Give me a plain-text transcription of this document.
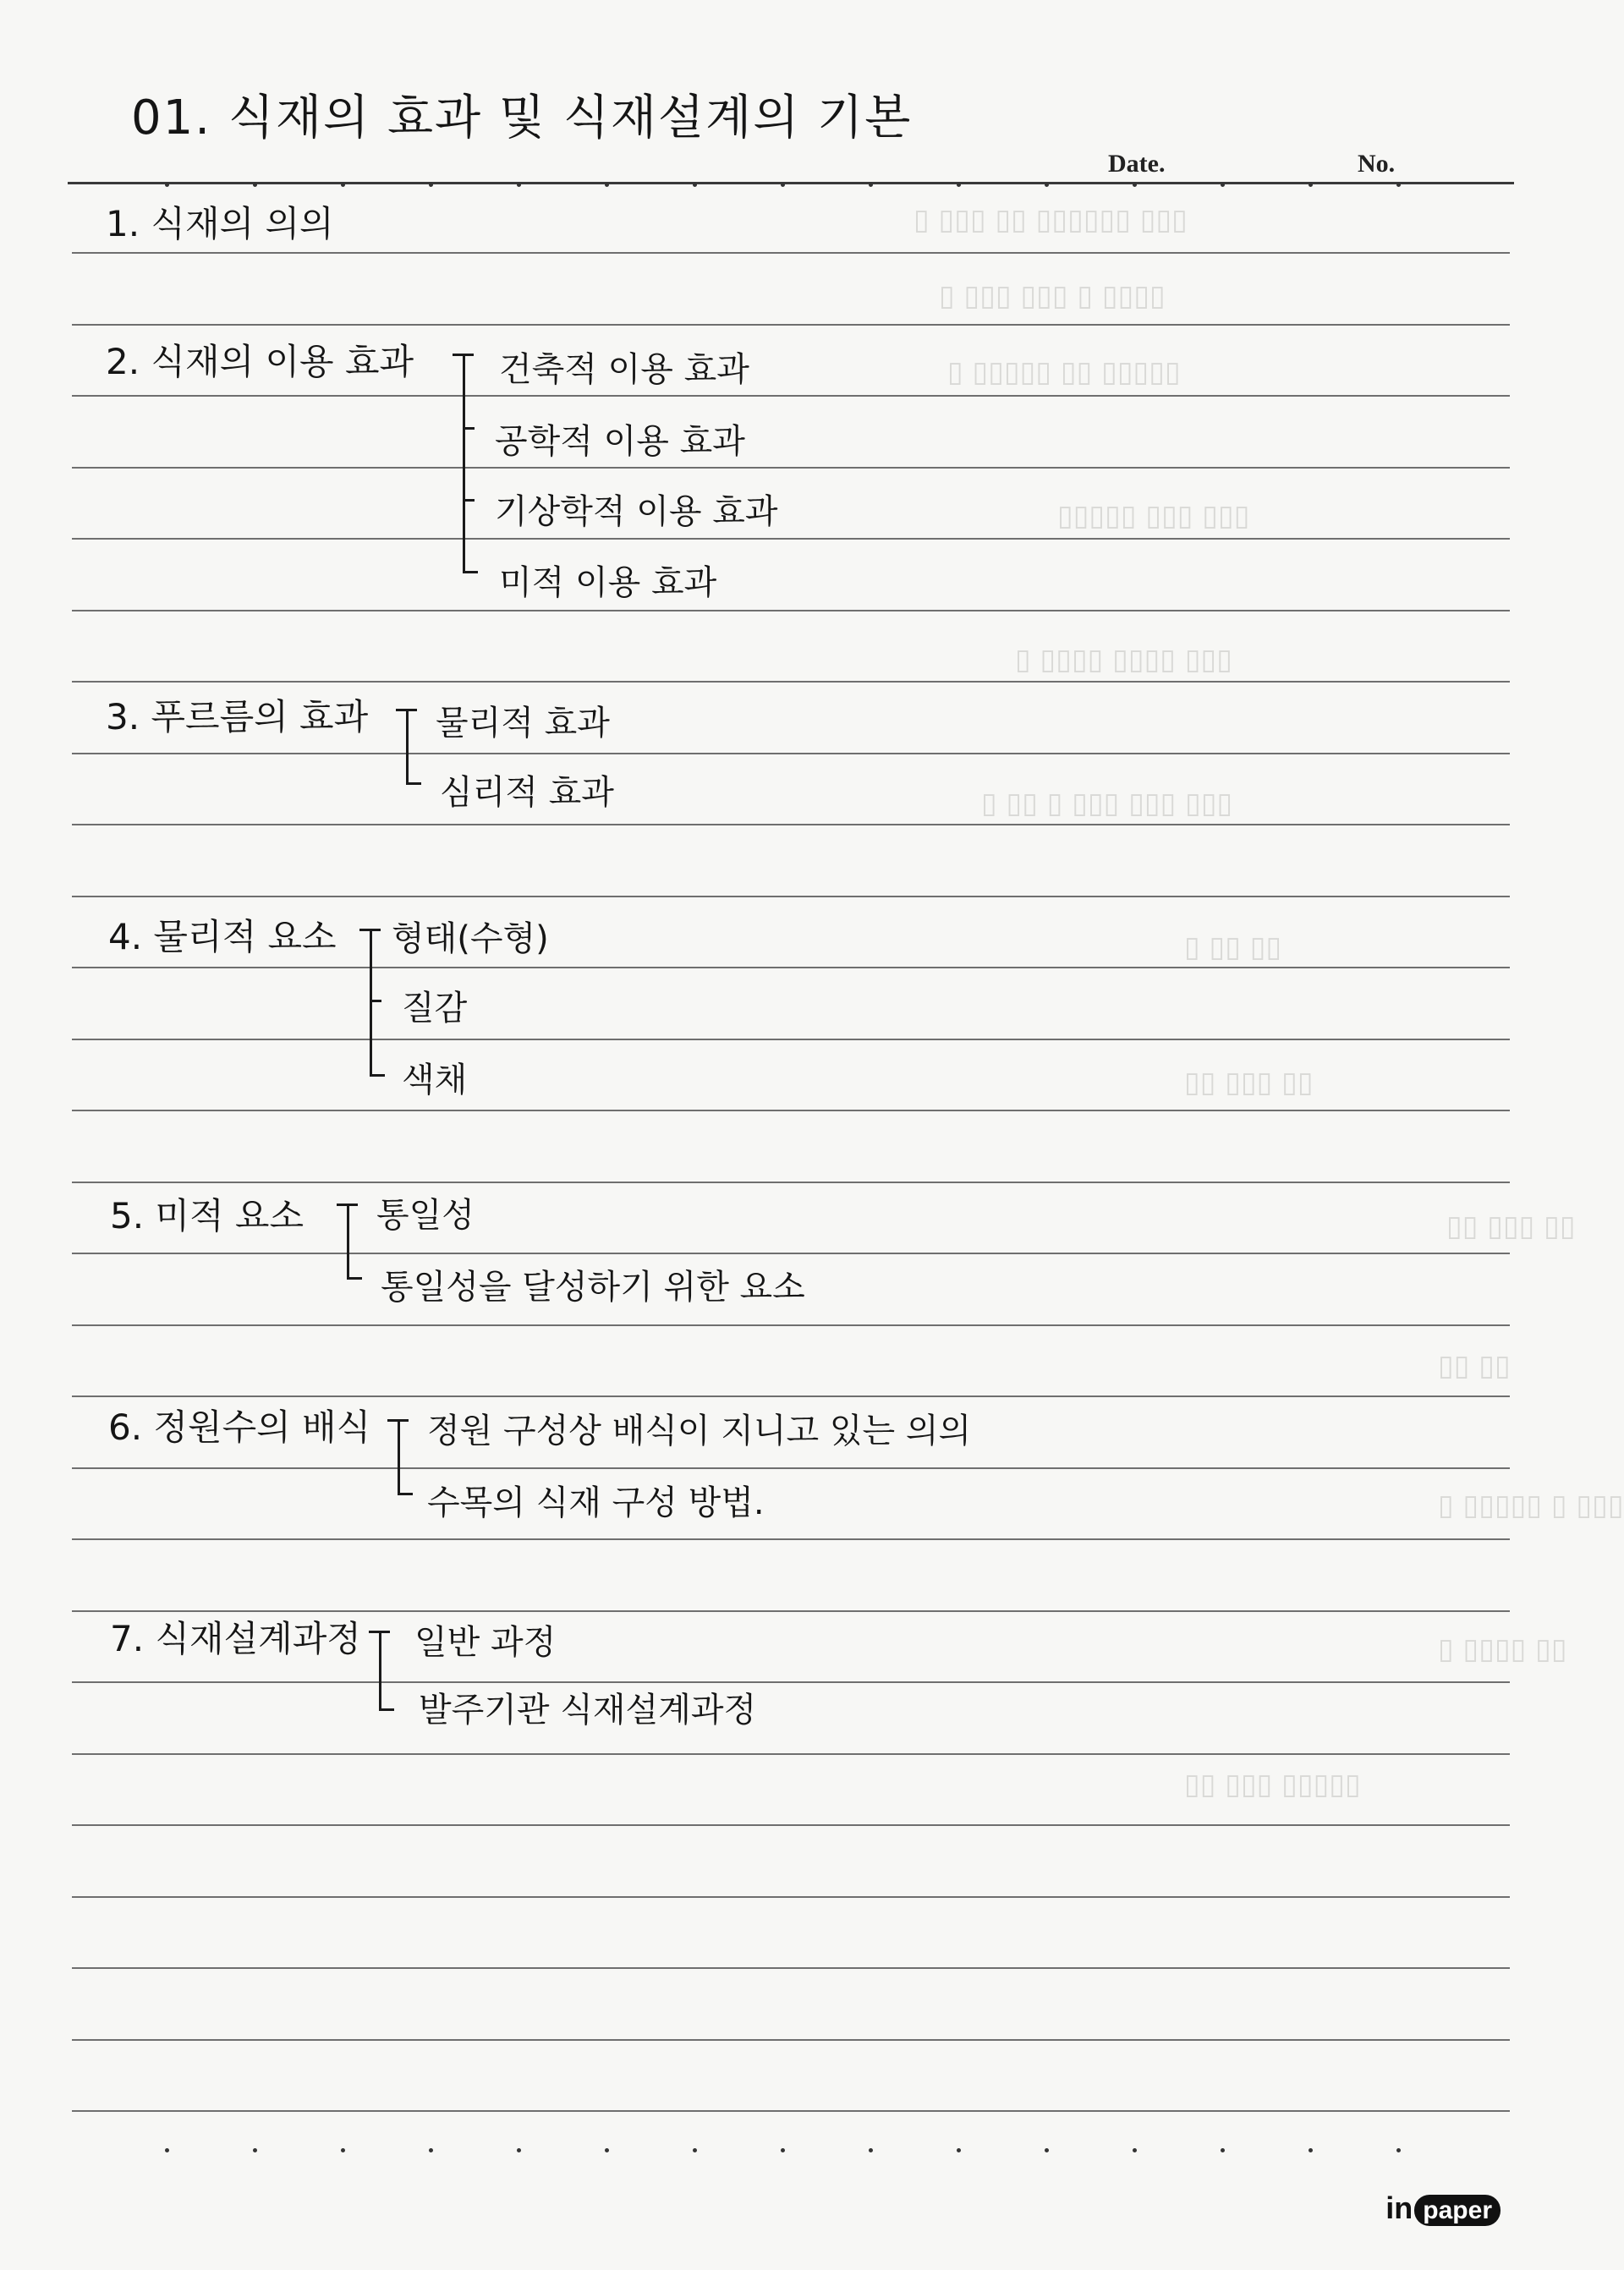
▯ ▯▯▯ ▯▯ ▯▯▯▯▯▯ ▯▯▯
▯ ▯▯▯ ▯▯▯ ▯ ▯▯▯▯
▯ ▯▯▯▯▯ ▯▯ ▯▯▯▯▯
▯▯▯▯▯ ▯▯▯ ▯▯▯
▯ ▯▯▯▯ ▯▯▯▯ ▯▯▯
▯ ▯▯ ▯ ▯▯▯ ▯▯▯ ▯▯▯
▯ ▯▯ ▯▯
▯▯ ▯▯▯ ▯▯
▯▯ ▯▯▯ ▯▯
▯▯ ▯▯
▯ ▯▯▯▯▯ ▯ ▯▯▯
▯ ▯▯▯▯ ▯▯
▯▯ ▯▯▯ ▯▯▯▯▯
01. 식재의 효과 및 식재설계의 기본
Date.	No.
1. 식재의 의의
2. 식재의 이용 효과	건축적 이용 효과
공학적 이용 효과
기상학적 이용 효과
미적 이용 효과
3. 푸르름의 효과 물리적 효과
심리적 효과
4. 물리적 요소 형태(수형)
질감
색채
5. 미적 요소 통일성
통일성을 달성하기 위한 요소
6. 정원수의 배식 정원 구성상 배식이 지니고 있는 의의
수목의 식재 구성 방법.
7. 식재설계과정 일반 과정
발주기관 식재설계과정
in paper
